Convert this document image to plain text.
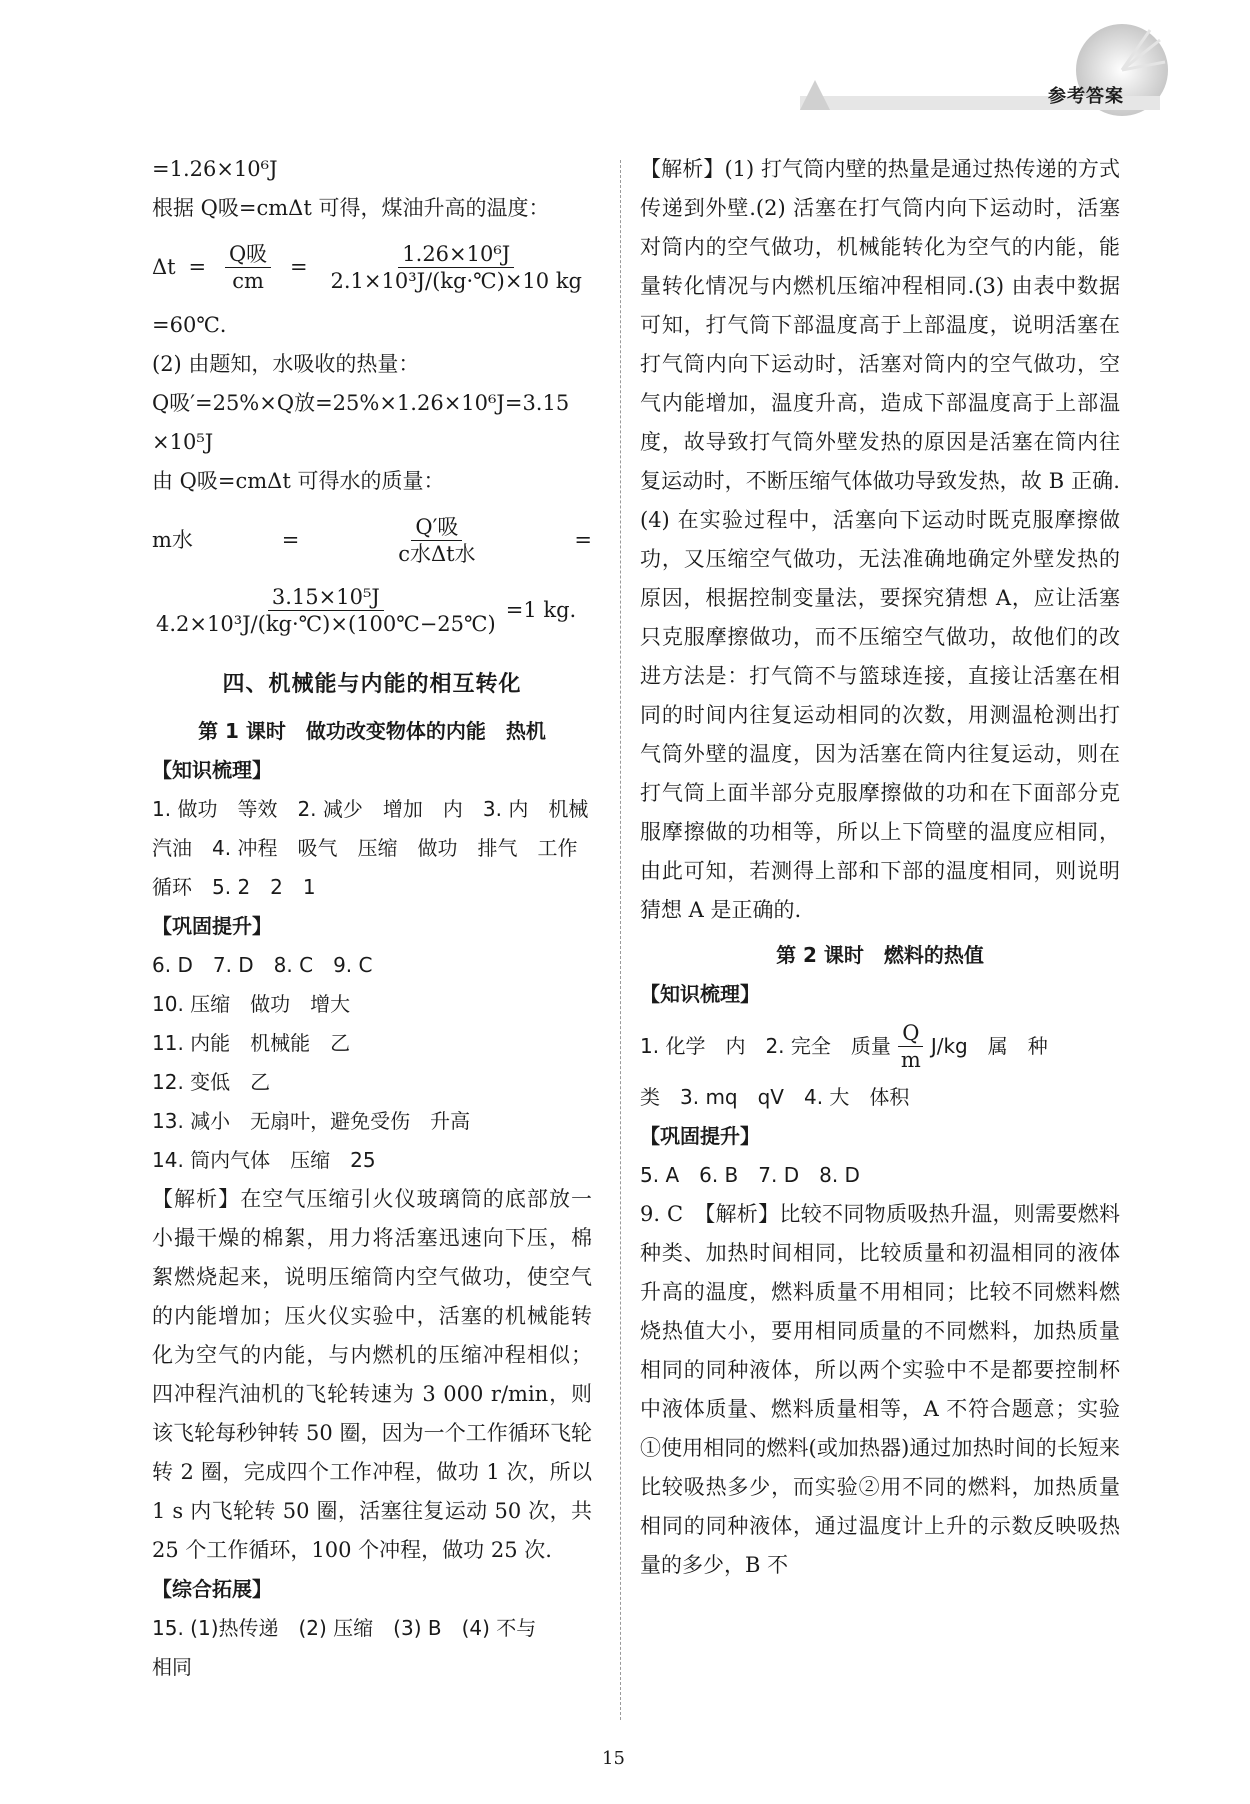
参考答案

=1.26×10⁶J

根据 Q吸=cmΔt 可得，煤油升高的温度：

$\Delta t = \frac{\text{Q吸}}{cm} = \frac{\text{1.26×10⁶J}}{\text{2.1×10³J/(kg·℃)×10 kg}}$

=60℃.

(2) 由题知，水吸收的热量：

Q吸′=25%×Q放=25%×1.26×10⁶J=3.15

×10⁵J

由 Q吸=cmΔt 可得水的质量：

m水	=	$\frac{\text{Q′吸}}{\text{c水Δt水}}$	=
$\frac{\text{3.15×10⁵J}}{\text{4.2×10³J/(kg·℃)×(100℃−25℃)}} =1$ kg.
四、机械能与内能的相互转化
第 1 课时　做功改变物体的内能　热机

【知识梳理】

1. 做功　等效　2. 减少　增加　内　3. 内　机械

汽油　4. 冲程　吸气　压缩　做功　排气　工作

循环　5. 2　2　1

【巩固提升】

6. D　7. D　8. C　9. C

10. 压缩　做功　增大

11. 内能　机械能　乙

12. 变低　乙

13. 减小　无扇叶，避免受伤　升高

14. 筒内气体　压缩　25

【解析】在空气压缩引火仪玻璃筒的底部放一小撮干燥的棉絮，用力将活塞迅速向下压，棉絮燃烧起来，说明压缩筒内空气做功，使空气的内能增加；压火仪实验中，活塞的机械能转化为空气的内能，与内燃机的压缩冲程相似；四冲程汽油机的飞轮转速为 3 000 r/min，则该飞轮每秒钟转 50 圈，因为一个工作循环飞轮转 2 圈，完成四个工作冲程，做功 1 次，所以 1 s 内飞轮转 50 圈，活塞往复运动 50 次，共 25 个工作循环，100 个冲程，做功 25 次.

【综合拓展】

15. (1)热传递　(2) 压缩　(3) B　(4) 不与

相同

【解析】(1) 打气筒内壁的热量是通过热传递的方式传递到外壁.(2) 活塞在打气筒内向下运动时，活塞对筒内的空气做功，机械能转化为空气的内能，能量转化情况与内燃机压缩冲程相同.(3) 由表中数据可知，打气筒下部温度高于上部温度，说明活塞在打气筒内向下运动时，活塞对筒内的空气做功，空气内能增加，温度升高，造成下部温度高于上部温度，故导致打气筒外壁发热的原因是活塞在筒内往复运动时，不断压缩气体做功导致发热，故 B 正确.(4) 在实验过程中，活塞向下运动时既克服摩擦做功，又压缩空气做功，无法准确地确定外壁发热的原因，根据控制变量法，要探究猜想 A，应让活塞只克服摩擦做功，而不压缩空气做功，故他们的改进方法是：打气筒不与篮球连接，直接让活塞在相同的时间内往复运动相同的次数，用测温枪测出打气筒外壁的温度，因为活塞在筒内往复运动，则在打气筒上面半部分克服摩擦做的功和在下面部分克服摩擦做的功相等，所以上下筒壁的温度应相同，由此可知，若测得上部和下部的温度相同，则说明猜想 A 是正确的.

第 2 课时　燃料的热值

【知识梳理】

1. 化学　内　2. 完全　质量 $\frac{Q}{m} J/kg$　属　种

类　3. mq　qV　4. 大　体积

【巩固提升】

5. A　6. B　7. D　8. D

9. C　【解析】比较不同物质吸热升温，则需要燃料种类、加热时间相同，比较质量和初温相同的液体升高的温度，燃料质量不用相同；比较不同燃料燃烧热值大小，要用相同质量的不同燃料，加热质量相同的同种液体，所以两个实验中不是都要控制杯中液体质量、燃料质量相等，A 不符合题意；实验①使用相同的燃料(或加热器)通过加热时间的长短来比较吸热多少，而实验②用不同的燃料，加热质量相同的同种液体，通过温度计上升的示数反映吸热量的多少，B 不

15
